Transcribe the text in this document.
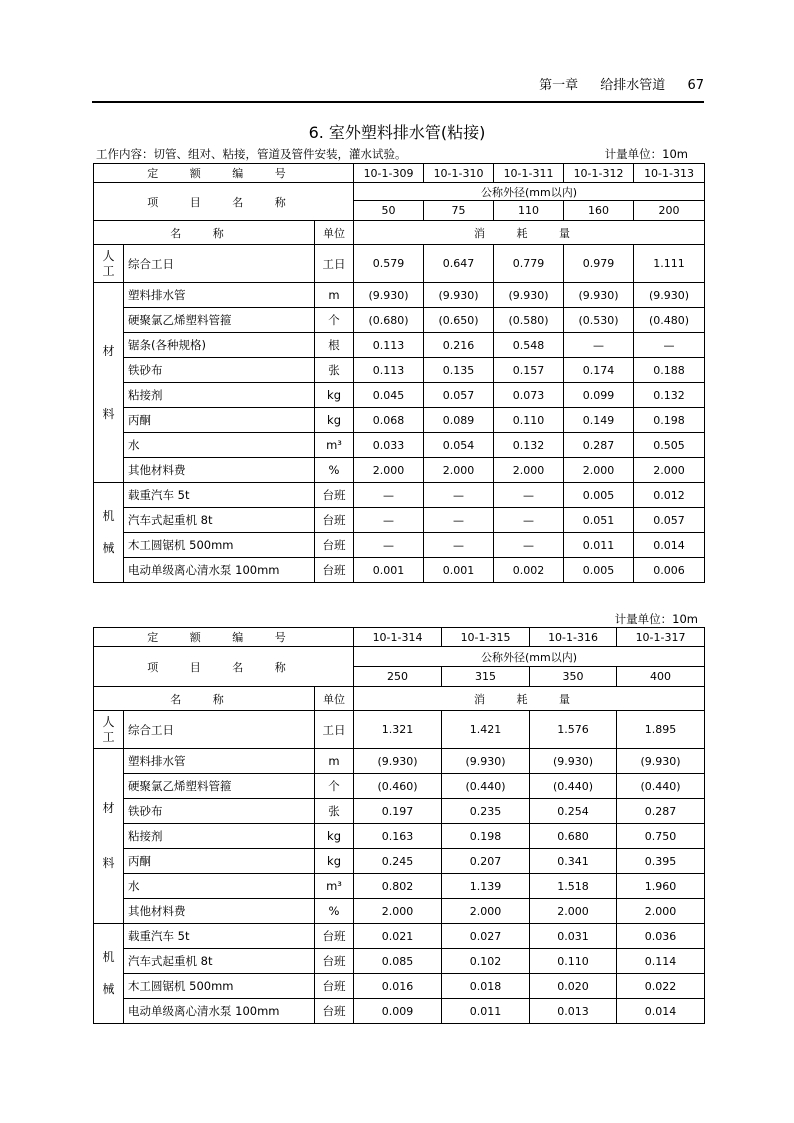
第一章 给排水管道 67
6. 室外塑料排水管(粘接)
工作内容：切管、组对、粘接，管道及管件安装，灌水试验。	计量单位：10m
定 额 编 号			10-1-309	10-1-310	10-1-311	10-1-312	10-1-313
项 目 名 称			公称外径(mm以内)				
			50	75	110	160	200
名 称		单位	消 耗 量				

人工	综合工日	工日	0.579	0.647	0.779	0.979	1.111

材料	塑料排水管	m	(9.930)	(9.930)	(9.930)	(9.930)	(9.930)
	硬聚氯乙烯塑料管箍	个	(0.680)	(0.650)	(0.580)	(0.530)	(0.480)
	锯条(各种规格)	根	0.113	0.216	0.548	—	—
	铁砂布	张	0.113	0.135	0.157	0.174	0.188
	粘接剂	kg	0.045	0.057	0.073	0.099	0.132
	丙酮	kg	0.068	0.089	0.110	0.149	0.198
	水	m³	0.033	0.054	0.132	0.287	0.505
	其他材料费	%	2.000	2.000	2.000	2.000	2.000

机械	载重汽车 5t	台班	—	—	—	0.005	0.012
	汽车式起重机 8t	台班	—	—	—	0.051	0.057
	木工圆锯机 500mm	台班	—	—	—	0.011	0.014
	电动单级离心清水泵 100mm	台班	0.001	0.001	0.002	0.005	0.006
计量单位：10m
定 额 编 号			10-1-314	10-1-315	10-1-316	10-1-317
项 目 名 称			公称外径(mm以内)			
			250	315	350	400
名 称		单位	消 耗 量			

人工	综合工日	工日	1.321	1.421	1.576	1.895

材料	塑料排水管	m	(9.930)	(9.930)	(9.930)	(9.930)
	硬聚氯乙烯塑料管箍	个	(0.460)	(0.440)	(0.440)	(0.440)
	铁砂布	张	0.197	0.235	0.254	0.287
	粘接剂	kg	0.163	0.198	0.680	0.750
	丙酮	kg	0.245	0.207	0.341	0.395
	水	m³	0.802	1.139	1.518	1.960
	其他材料费	%	2.000	2.000	2.000	2.000

机械	载重汽车 5t	台班	0.021	0.027	0.031	0.036
	汽车式起重机 8t	台班	0.085	0.102	0.110	0.114
	木工圆锯机 500mm	台班	0.016	0.018	0.020	0.022
	电动单级离心清水泵 100mm	台班	0.009	0.011	0.013	0.014
